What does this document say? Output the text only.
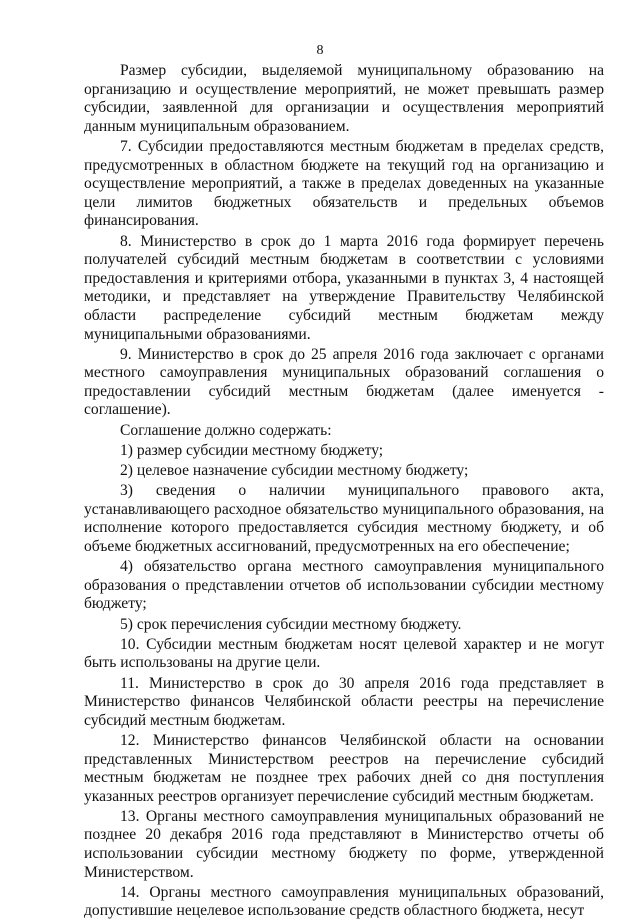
8

Размер субсидии, выделяемой муниципальному образованию на организацию и осуществление мероприятий, не может превышать размер субсидии, заявленной для организации и осуществления мероприятий данным муниципальным образованием.

7. Субсидии предоставляются местным бюджетам в пределах средств, предусмотренных в областном бюджете на текущий год на организацию и осуществление мероприятий, а также в пределах доведенных на указанные цели лимитов бюджетных обязательств и предельных объемов финансирования.

8. Министерство в срок до 1 марта 2016 года формирует перечень получателей субсидий местным бюджетам в соответствии с условиями предоставления и критериями отбора, указанными в пунктах 3, 4 настоящей методики, и представляет на утверждение Правительству Челябинской области распределение субсидий местным бюджетам между муниципальными образованиями.

9. Министерство в срок до 25 апреля 2016 года заключает с органами местного самоуправления муниципальных образований соглашения о предоставлении субсидий местным бюджетам (далее именуется - соглашение).

Соглашение должно содержать:

1) размер субсидии местному бюджету;

2) целевое назначение субсидии местному бюджету;

3) сведения о наличии муниципального правового акта, устанавливающего расходное обязательство муниципального образования, на исполнение которого предоставляется субсидия местному бюджету, и об объеме бюджетных ассигнований, предусмотренных на его обеспечение;

4) обязательство органа местного самоуправления муниципального образования о представлении отчетов об использовании субсидии местному бюджету;

5) срок перечисления субсидии местному бюджету.

10. Субсидии местным бюджетам носят целевой характер и не могут быть использованы на другие цели.

11. Министерство в срок до 30 апреля 2016 года представляет в Министерство финансов Челябинской области реестры на перечисление субсидий местным бюджетам.

12. Министерство финансов Челябинской области на основании представленных Министерством реестров на перечисление субсидий местным бюджетам не позднее трех рабочих дней со дня поступления указанных реестров организует перечисление субсидий местным бюджетам.

13. Органы местного самоуправления муниципальных образований не позднее 20 декабря 2016 года представляют в Министерство отчеты об использовании субсидии местному бюджету по форме, утвержденной Министерством.

14. Органы местного самоуправления муниципальных образований, допустившие нецелевое использование средств областного бюджета, несут
